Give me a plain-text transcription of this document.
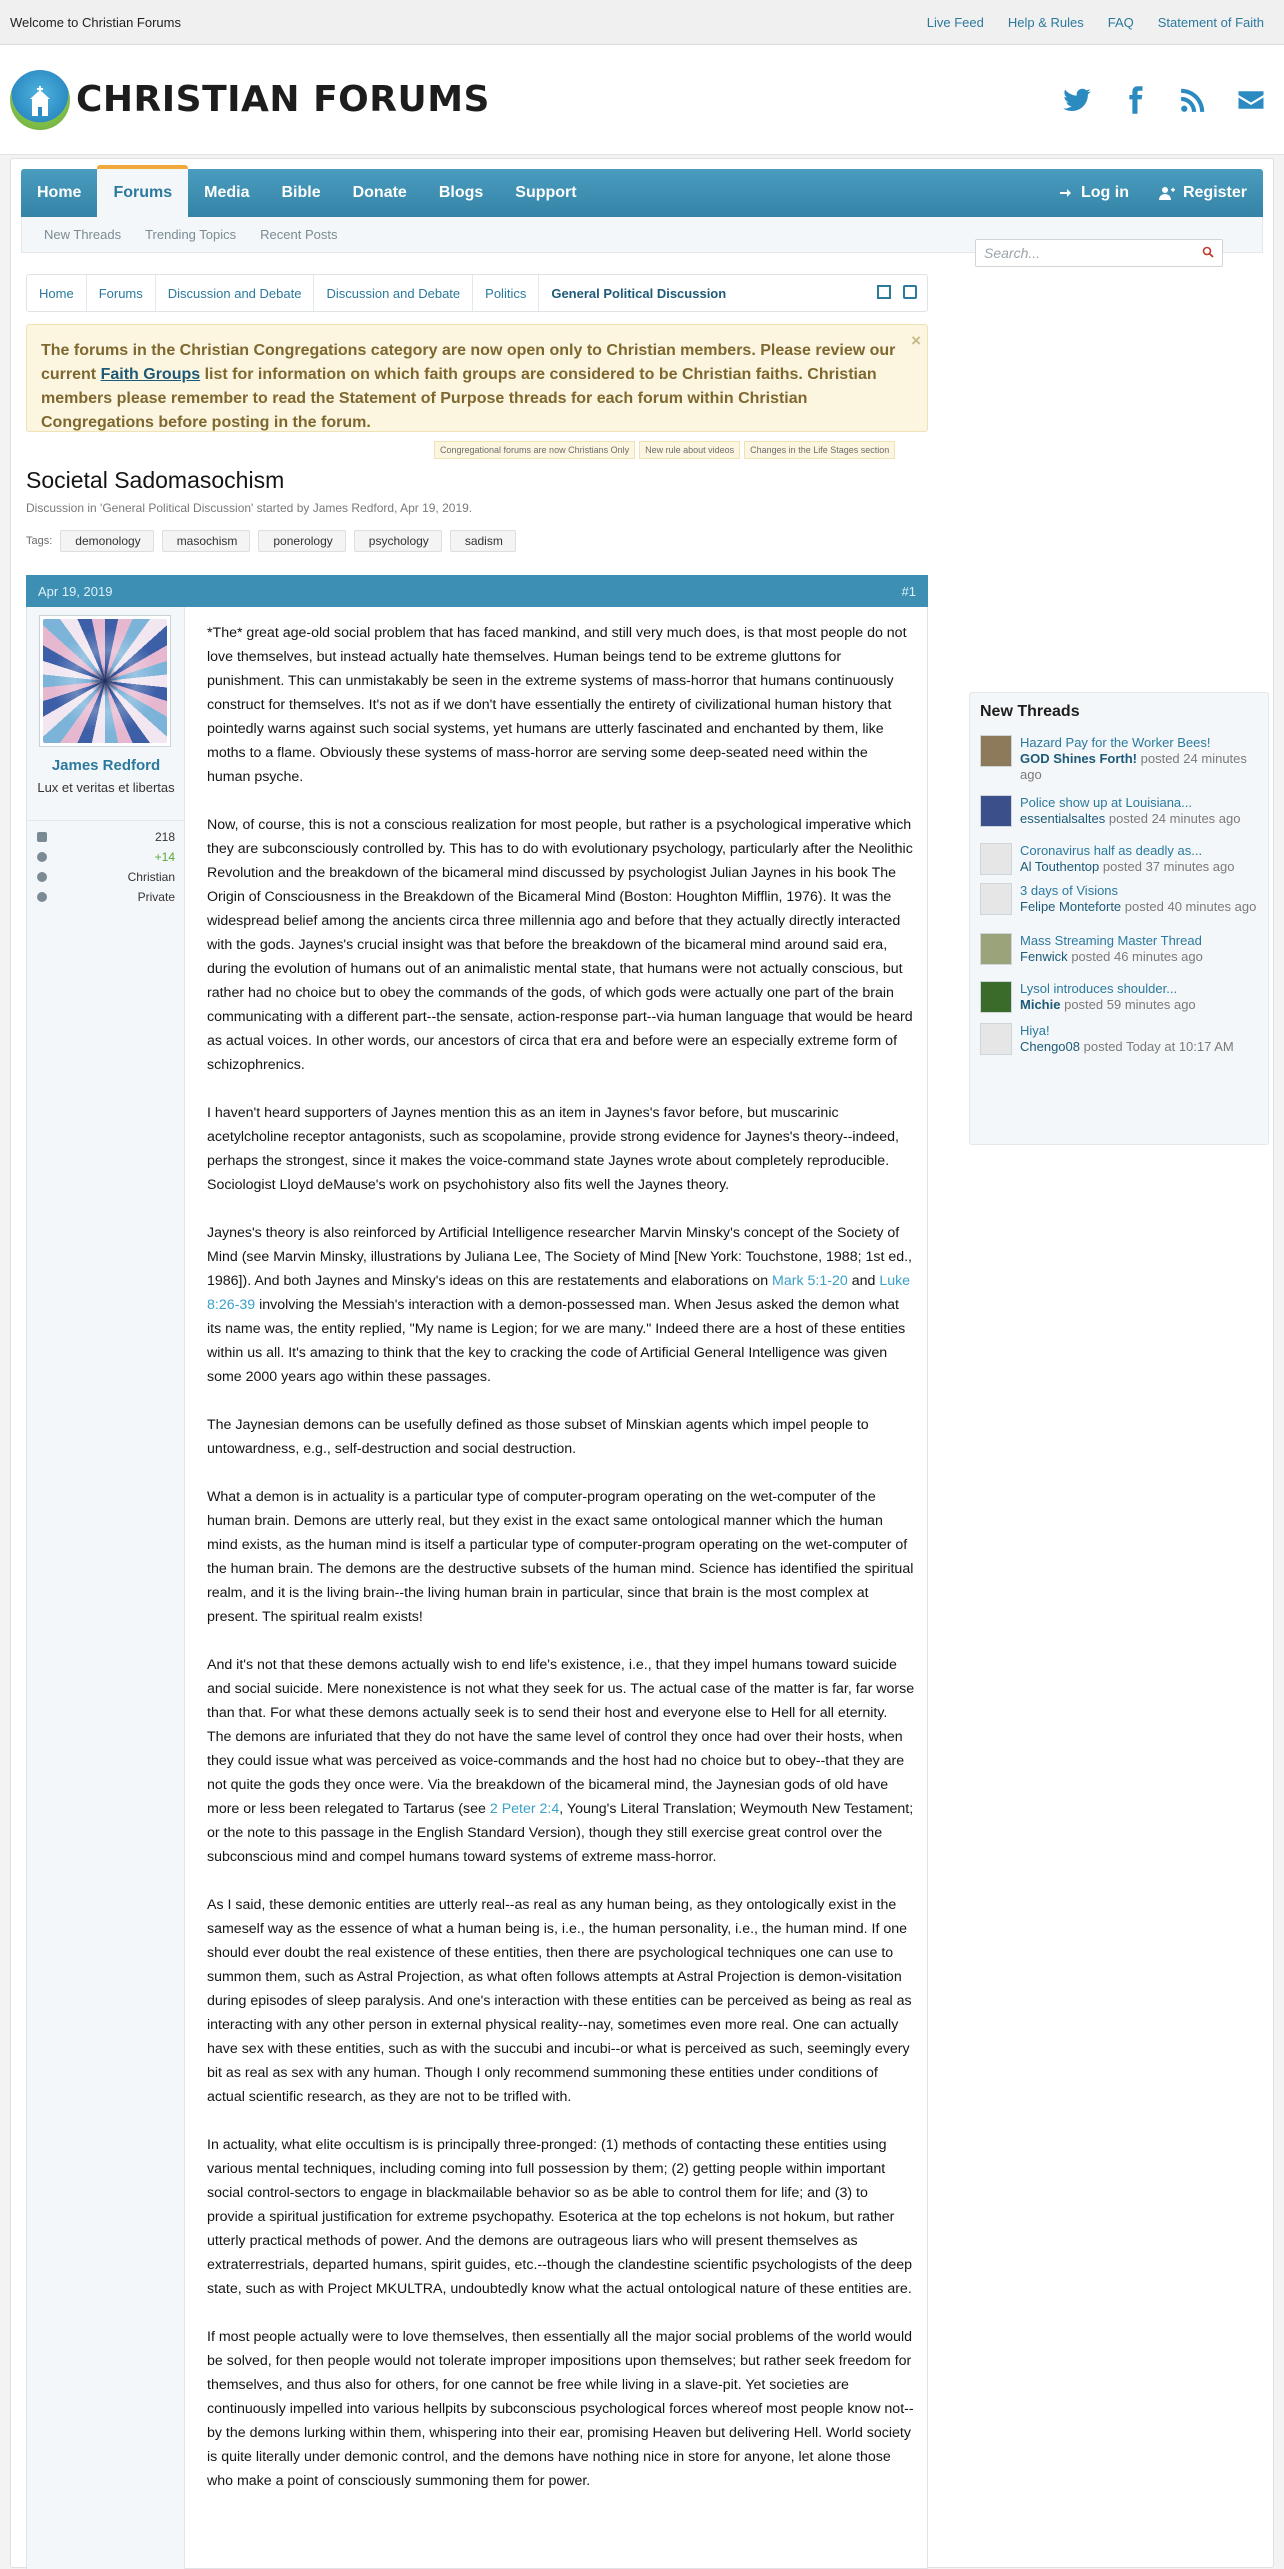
Welcome to Christian Forums	Live Feed Help & Rules FAQ Statement of Faith
CHRISTIAN FORUMS
Home	Forums	Media	Bible	Donate	Blogs	Support	Log in	Register
New Threads Trending Topics Recent Posts
Search...
Home	Forums	Discussion and Debate	Discussion and Debate	Politics	General Political Discussion
The forums in the Christian Congregations category are now open only to Christian members. Please review our current Faith Groups list for information on which faith groups are considered to be Christian faiths. Christian members please remember to read the Statement of Purpose threads for each forum within Christian Congregations before posting in the forum.
×
Congregational forums are now Christians Only	New rule about videos	Changes in the Life Stages section
Societal Sadomasochism
Discussion in 'General Political Discussion' started by James Redford, Apr 19, 2019.
Tags:	demonology	masochism	ponerology	psychology	sadism
Apr 19, 2019	#1
James Redford
Lux et veritas et libertas
218
+14
Christian
Private

*The* great age-old social problem that has faced mankind, and still very much does, is that most people do not love themselves, but instead actually hate themselves. Human beings tend to be extreme gluttons for punishment. This can unmistakably be seen in the extreme systems of mass-horror that humans continuously construct for themselves. It's not as if we don't have essentially the entirety of civilizational human history that pointedly warns against such social systems, yet humans are utterly fascinated and enchanted by them, like moths to a flame. Obviously these systems of mass-horror are serving some deep-seated need within the human psyche.

Now, of course, this is not a conscious realization for most people, but rather is a psychological imperative which they are subconsciously controlled by. This has to do with evolutionary psychology, particularly after the Neolithic Revolution and the breakdown of the bicameral mind discussed by psychologist Julian Jaynes in his book The Origin of Consciousness in the Breakdown of the Bicameral Mind (Boston: Houghton Mifflin, 1976). It was the widespread belief among the ancients circa three millennia ago and before that they actually directly interacted with the gods. Jaynes's crucial insight was that before the breakdown of the bicameral mind around said era, during the evolution of humans out of an animalistic mental state, that humans were not actually conscious, but rather had no choice but to obey the commands of the gods, of which gods were actually one part of the brain communicating with a different part--the sensate, action-response part--via human language that would be heard as actual voices. In other words, our ancestors of circa that era and before were an especially extreme form of schizophrenics.

I haven't heard supporters of Jaynes mention this as an item in Jaynes's favor before, but muscarinic acetylcholine receptor antagonists, such as scopolamine, provide strong evidence for Jaynes's theory--indeed, perhaps the strongest, since it makes the voice-command state Jaynes wrote about completely reproducible. Sociologist Lloyd deMause's work on psychohistory also fits well the Jaynes theory.

Jaynes's theory is also reinforced by Artificial Intelligence researcher Marvin Minsky's concept of the Society of Mind (see Marvin Minsky, illustrations by Juliana Lee, The Society of Mind [New York: Touchstone, 1988; 1st ed., 1986]). And both Jaynes and Minsky's ideas on this are restatements and elaborations on Mark 5:1-20 and Luke 8:26-39 involving the Messiah's interaction with a demon-possessed man. When Jesus asked the demon what its name was, the entity replied, "My name is Legion; for we are many." Indeed there are a host of these entities within us all. It's amazing to think that the key to cracking the code of Artificial General Intelligence was given some 2000 years ago within these passages.

The Jaynesian demons can be usefully defined as those subset of Minskian agents which impel people to untowardness, e.g., self-destruction and social destruction.

What a demon is in actuality is a particular type of computer-program operating on the wet-computer of the human brain. Demons are utterly real, but they exist in the exact same ontological manner which the human mind exists, as the human mind is itself a particular type of computer-program operating on the wet-computer of the human brain. The demons are the destructive subsets of the human mind. Science has identified the spiritual realm, and it is the living brain--the living human brain in particular, since that brain is the most complex at present. The spiritual realm exists!

And it's not that these demons actually wish to end life's existence, i.e., that they impel humans toward suicide and social suicide. Mere nonexistence is not what they seek for us. The actual case of the matter is far, far worse than that. For what these demons actually seek is to send their host and everyone else to Hell for all eternity. The demons are infuriated that they do not have the same level of control they once had over their hosts, when they could issue what was perceived as voice-commands and the host had no choice but to obey--that they are not quite the gods they once were. Via the breakdown of the bicameral mind, the Jaynesian gods of old have more or less been relegated to Tartarus (see 2 Peter 2:4, Young's Literal Translation; Weymouth New Testament; or the note to this passage in the English Standard Version), though they still exercise great control over the subconscious mind and compel humans toward systems of extreme mass-horror.

As I said, these demonic entities are utterly real--as real as any human being, as they ontologically exist in the sameself way as the essence of what a human being is, i.e., the human personality, i.e., the human mind. If one should ever doubt the real existence of these entities, then there are psychological techniques one can use to summon them, such as Astral Projection, as what often follows attempts at Astral Projection is demon-visitation during episodes of sleep paralysis. And one's interaction with these entities can be perceived as being as real as interacting with any other person in external physical reality--nay, sometimes even more real. One can actually have sex with these entities, such as with the succubi and incubi--or what is perceived as such, seemingly every bit as real as sex with any human. Though I only recommend summoning these entities under conditions of actual scientific research, as they are not to be trifled with.

In actuality, what elite occultism is is principally three-pronged: (1) methods of contacting these entities using various mental techniques, including coming into full possession by them; (2) getting people within important social control-sectors to engage in blackmailable behavior so as be able to control them for life; and (3) to provide a spiritual justification for extreme psychopathy. Esoterica at the top echelons is not hokum, but rather utterly practical methods of power. And the demons are outrageous liars who will present themselves as extraterrestrials, departed humans, spirit guides, etc.--though the clandestine scientific psychologists of the deep state, such as with Project MKULTRA, undoubtedly know what the actual ontological nature of these entities are.

If most people actually were to love themselves, then essentially all the major social problems of the world would be solved, for then people would not tolerate improper impositions upon themselves; but rather seek freedom for themselves, and thus also for others, for one cannot be free while living in a slave-pit. Yet societies are continuously impelled into various hellpits by subconscious psychological forces whereof most people know not--by the demons lurking within them, whispering into their ear, promising Heaven but delivering Hell. World society is quite literally under demonic control, and the demons have nothing nice in store for anyone, let alone those who make a point of consciously summoning them for power.

New Threads
Hazard Pay for the Worker Bees!
GOD Shines Forth! posted 24 minutes ago
Police show up at Louisiana...
essentialsaltes posted 24 minutes ago
Coronavirus half as deadly as...
Al Touthentop posted 37 minutes ago
3 days of Visions
Felipe Monteforte posted 40 minutes ago
Mass Streaming Master Thread
Fenwick posted 46 minutes ago
Lysol introduces shoulder...
Michie posted 59 minutes ago
Hiya!
Chengo08 posted Today at 10:17 AM
